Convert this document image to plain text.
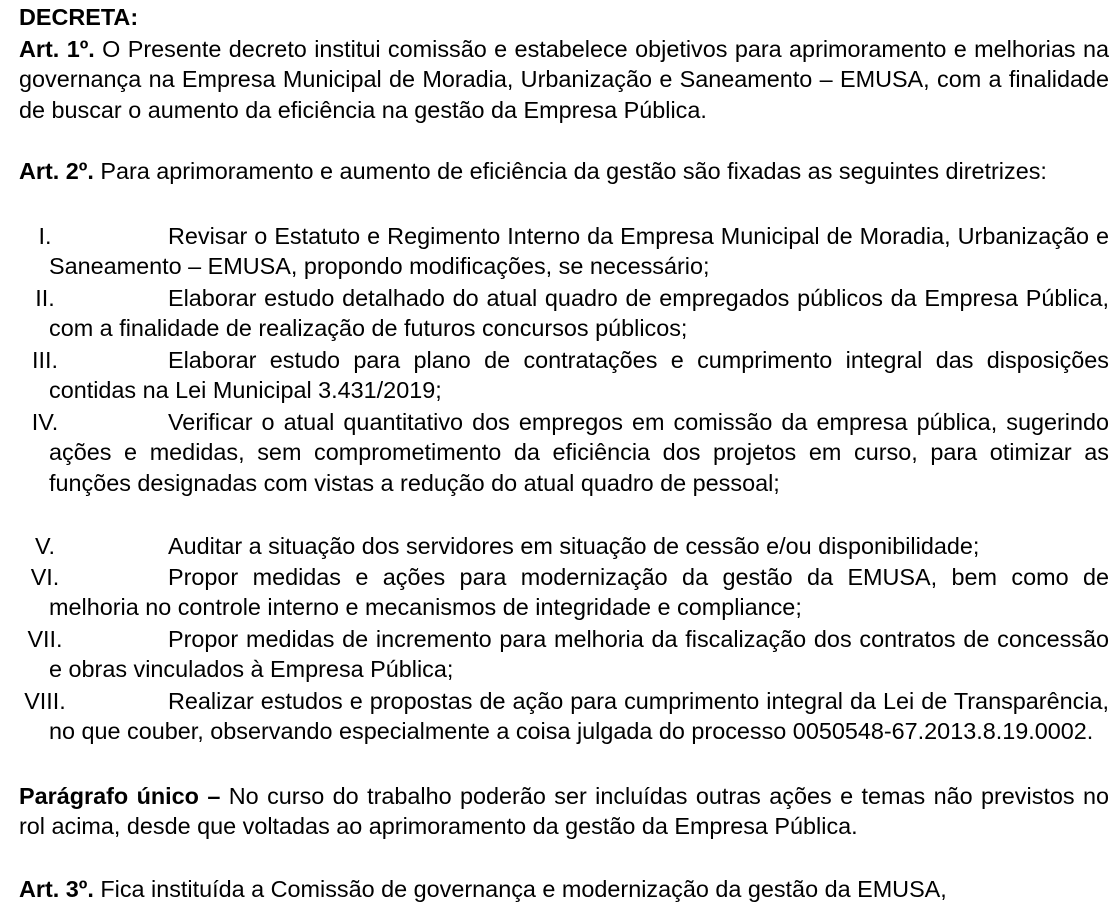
DECRETA:
Art. 1º. O Presente decreto institui comissão e estabelece objetivos para aprimoramento e melhorias na governança na Empresa Municipal de Moradia, Urbanização e Saneamento – EMUSA, com a finalidade de buscar o aumento da eficiência na gestão da Empresa Pública.
Art. 2º. Para aprimoramento e aumento de eficiência da gestão são fixadas as seguintes diretrizes:
I.	Revisar o Estatuto e Regimento Interno da Empresa Municipal de Moradia, Urbanização e Saneamento – EMUSA, propondo modificações, se necessário;
II.	Elaborar estudo detalhado do atual quadro de empregados públicos da Empresa Pública, com a finalidade de realização de futuros concursos públicos;
III.	Elaborar estudo para plano de contratações e cumprimento integral das disposições contidas na Lei Municipal 3.431/2019;
IV.	Verificar o atual quantitativo dos empregos em comissão da empresa pública, sugerindo ações e medidas, sem comprometimento da eficiência dos projetos em curso, para otimizar as funções designadas com vistas a redução do atual quadro de pessoal;
V.	Auditar a situação dos servidores em situação de cessão e/ou disponibilidade;
VI.	Propor medidas e ações para modernização da gestão da EMUSA, bem como de melhoria no controle interno e mecanismos de integridade e compliance;
VII.	Propor medidas de incremento para melhoria da fiscalização dos contratos de concessão e obras vinculados à Empresa Pública;
VIII.	Realizar estudos e propostas de ação para cumprimento integral da Lei de Transparência, no que couber, observando especialmente a coisa julgada do processo 0050548-67.2013.8.19.0002.
Parágrafo único – No curso do trabalho poderão ser incluídas outras ações e temas não previstos no rol acima, desde que voltadas ao aprimoramento da gestão da Empresa Pública.
Art. 3º. Fica instituída a Comissão de governança e modernização da gestão da EMUSA,
